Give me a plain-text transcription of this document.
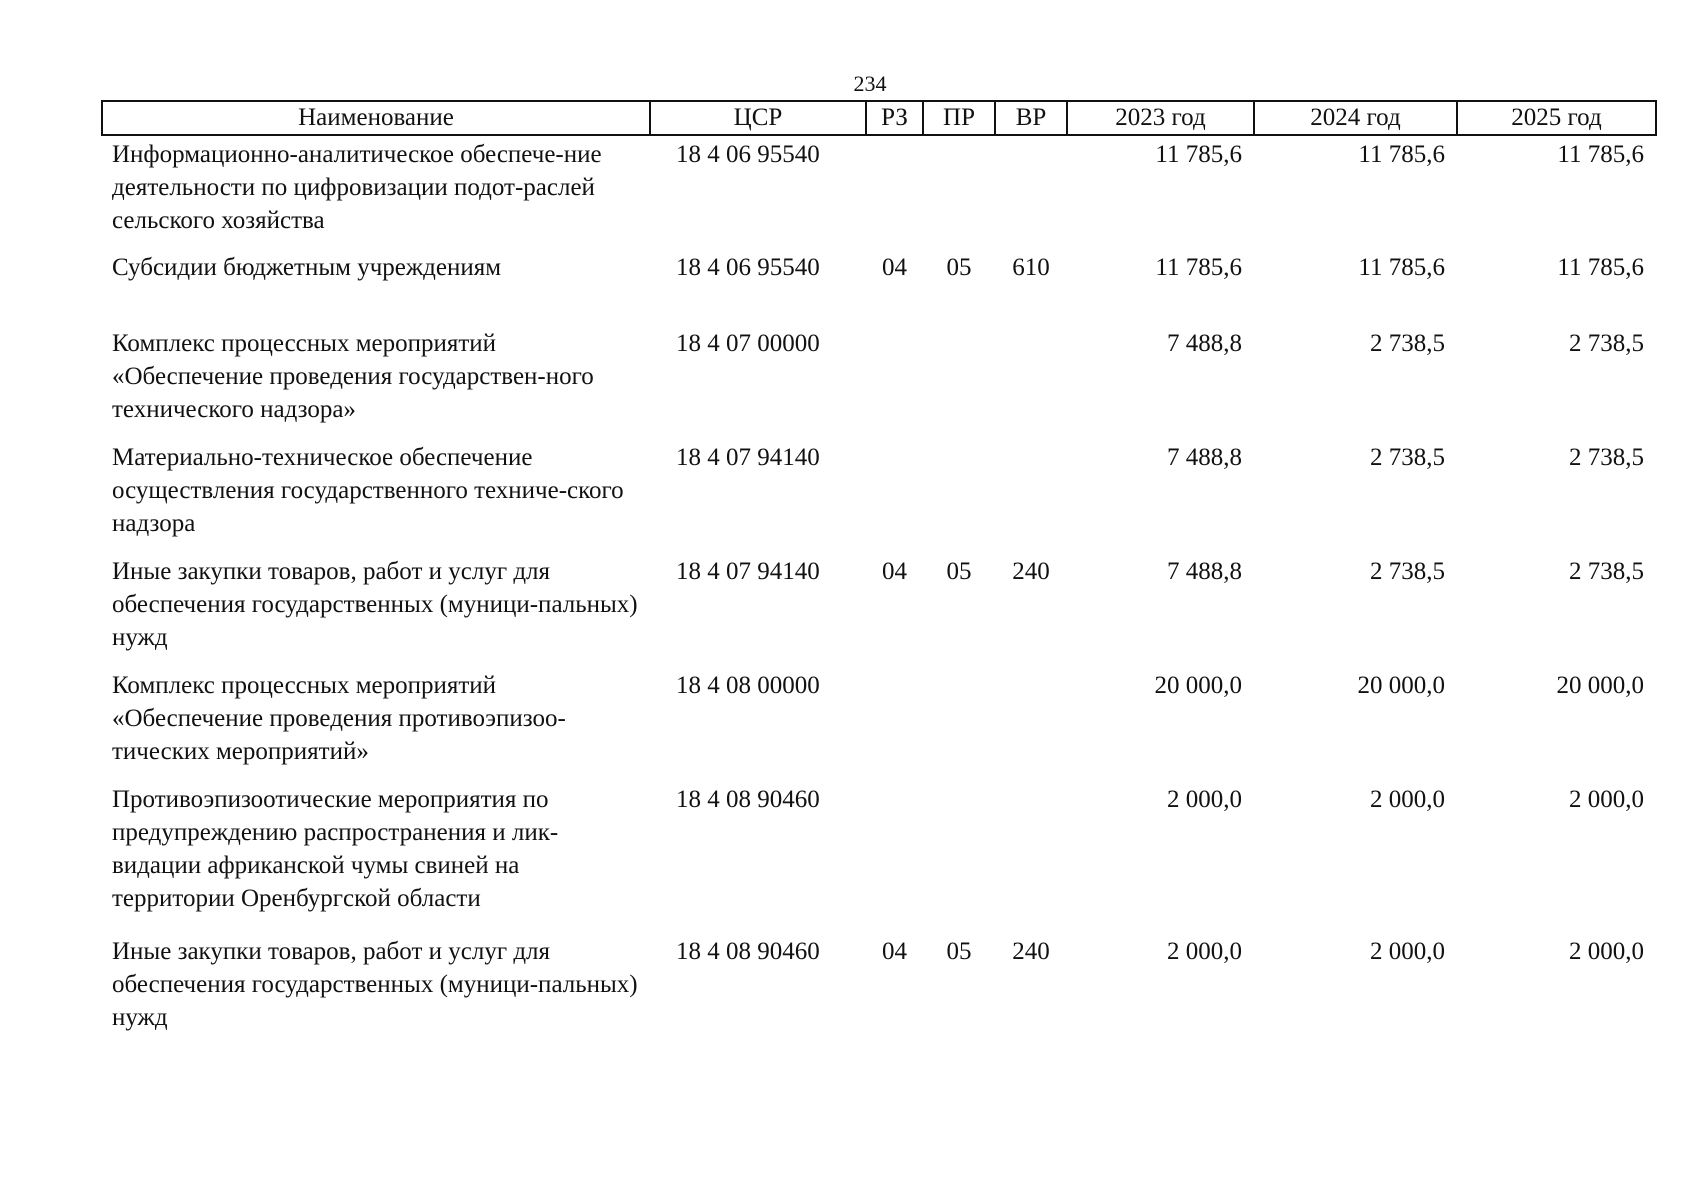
234
Наименование	ЦСР	РЗ	ПР	ВР	2023 год	2024 год	2025 год
Информационно-аналитическое обеспече-ние деятельности по цифровизации подот-раслей сельского хозяйства	18 4 06 95540				11 785,6	11 785,6	11 785,6
Субсидии бюджетным учреждениям	18 4 06 95540	04	05	610	11 785,6	11 785,6	11 785,6
Комплекс процессных мероприятий «Обеспечение проведения государствен-ного технического надзора»	18 4 07 00000				7 488,8	2 738,5	2 738,5
Материально-техническое обеспечение осуществления государственного техниче-ского надзора	18 4 07 94140				7 488,8	2 738,5	2 738,5
Иные закупки товаров, работ и услуг для обеспечения государственных (муници-пальных) нужд	18 4 07 94140	04	05	240	7 488,8	2 738,5	2 738,5
Комплекс процессных мероприятий «Обеспечение проведения противоэпизоо-тических мероприятий»	18 4 08 00000				20 000,0	20 000,0	20 000,0
Противоэпизоотические мероприятия по предупреждению распространения и лик-видации африканской чумы свиней на территории Оренбургской области	18 4 08 90460				2 000,0	2 000,0	2 000,0
Иные закупки товаров, работ и услуг для обеспечения государственных (муници-пальных) нужд	18 4 08 90460	04	05	240	2 000,0	2 000,0	2 000,0
